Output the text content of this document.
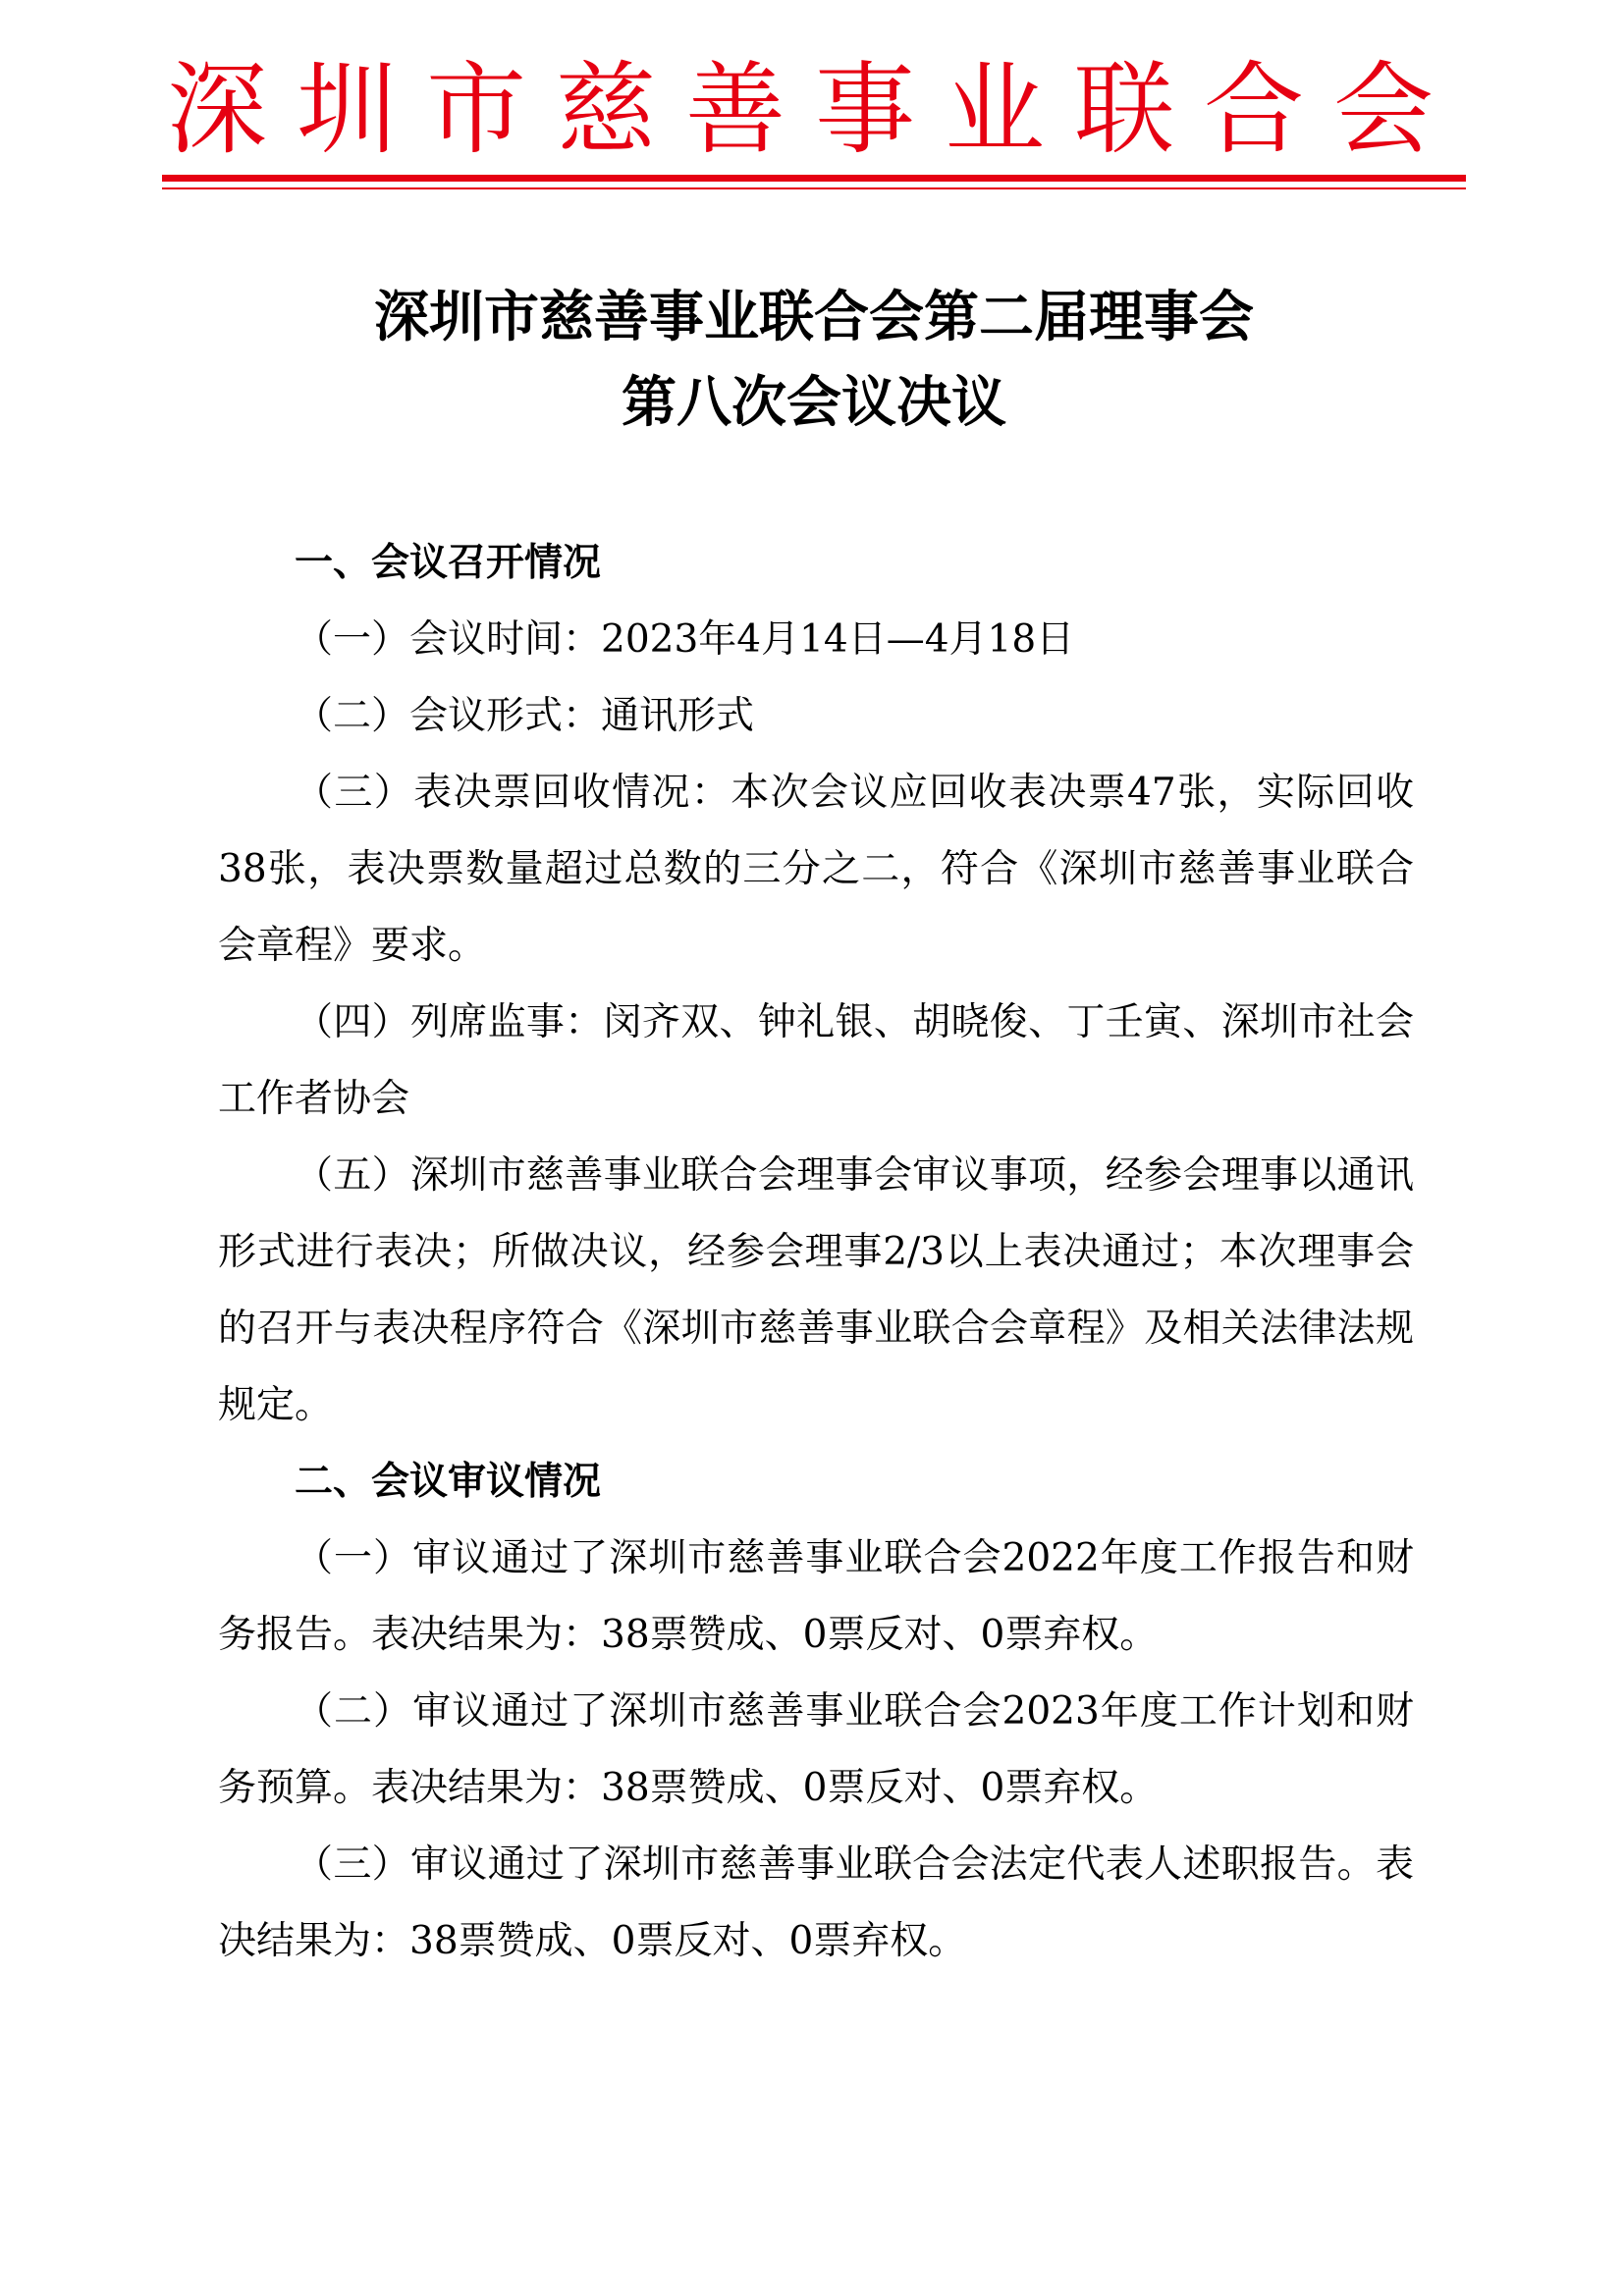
深圳市慈善事业联合会
深圳市慈善事业联合会第二届理事会
第八次会议决议

一、会议召开情况

（一）会议时间：2023年4月14日—4月18日

（二）会议形式：通讯形式

（三）表决票回收情况：本次会议应回收表决票47张，实际回收38张，表决票数量超过总数的三分之二，符合《深圳市慈善事业联合会章程》要求。

（四）列席监事：闵齐双、钟礼银、胡晓俊、丁壬寅、深圳市社会工作者协会

（五）深圳市慈善事业联合会理事会审议事项，经参会理事以通讯形式进行表决；所做决议，经参会理事2/3以上表决通过；本次理事会的召开与表决程序符合《深圳市慈善事业联合会章程》及相关法律法规规定。

二、会议审议情况

（一）审议通过了深圳市慈善事业联合会2022年度工作报告和财务报告。表决结果为：38票赞成、0票反对、0票弃权。

（二）审议通过了深圳市慈善事业联合会2023年度工作计划和财务预算。表决结果为：38票赞成、0票反对、0票弃权。

（三）审议通过了深圳市慈善事业联合会法定代表人述职报告。表决结果为：38票赞成、0票反对、0票弃权。
